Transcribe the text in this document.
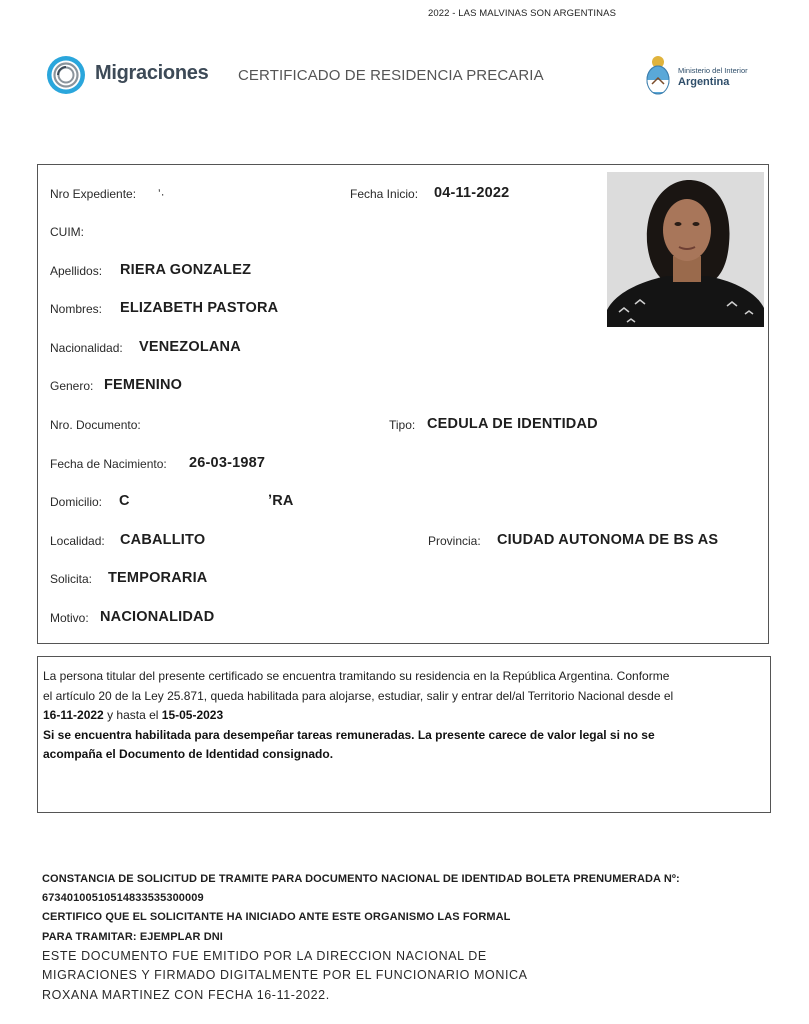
2022 - LAS MALVINAS SON ARGENTINAS
Migraciones CERTIFICADO DE RESIDENCIA PRECARIA	Ministerio del Interior
Argentina
Nro Expediente: ʼ·	Fecha Inicio: 04-11-2022
CUIM:
Apellidos: RIERA GONZALEZ
Nombres: ELIZABETH PASTORA
Nacionalidad: VENEZOLANA
Genero: FEMENINO
Nro. Documento:	Tipo: CEDULA DE IDENTIDAD
Fecha de Nacimiento: 26-03-1987
Domicilio: C	ʼRA
Localidad: CABALLITO	Provincia: CIUDAD AUTONOMA DE BS AS
Solicita: TEMPORARIA
Motivo: NACIONALIDAD
La persona titular del presente certificado se encuentra tramitando su residencia en la República Argentina. Conforme
el artículo 20 de la Ley 25.871, queda habilitada para alojarse, estudiar, salir y entrar del/al Territorio Nacional desde el
16-11-2022 y hasta el 15-05-2023
Si se encuentra habilitada para desempeñar tareas remuneradas. La presente carece de valor legal si no se
acompaña el Documento de Identidad consignado.
CONSTANCIA DE SOLICITUD DE TRAMITE PARA DOCUMENTO NACIONAL DE IDENTIDAD BOLETA PRENUMERADA Nº:
67340100510514833535300009
CERTIFICO QUE EL SOLICITANTE HA INICIADO ANTE ESTE ORGANISMO LAS FORMAL
PARA TRAMITAR: EJEMPLAR DNI
ESTE DOCUMENTO FUE EMITIDO POR LA DIRECCION NACIONAL DE
MIGRACIONES Y FIRMADO DIGITALMENTE POR EL FUNCIONARIO MONICA
ROXANA MARTINEZ CON FECHA 16-11-2022.
